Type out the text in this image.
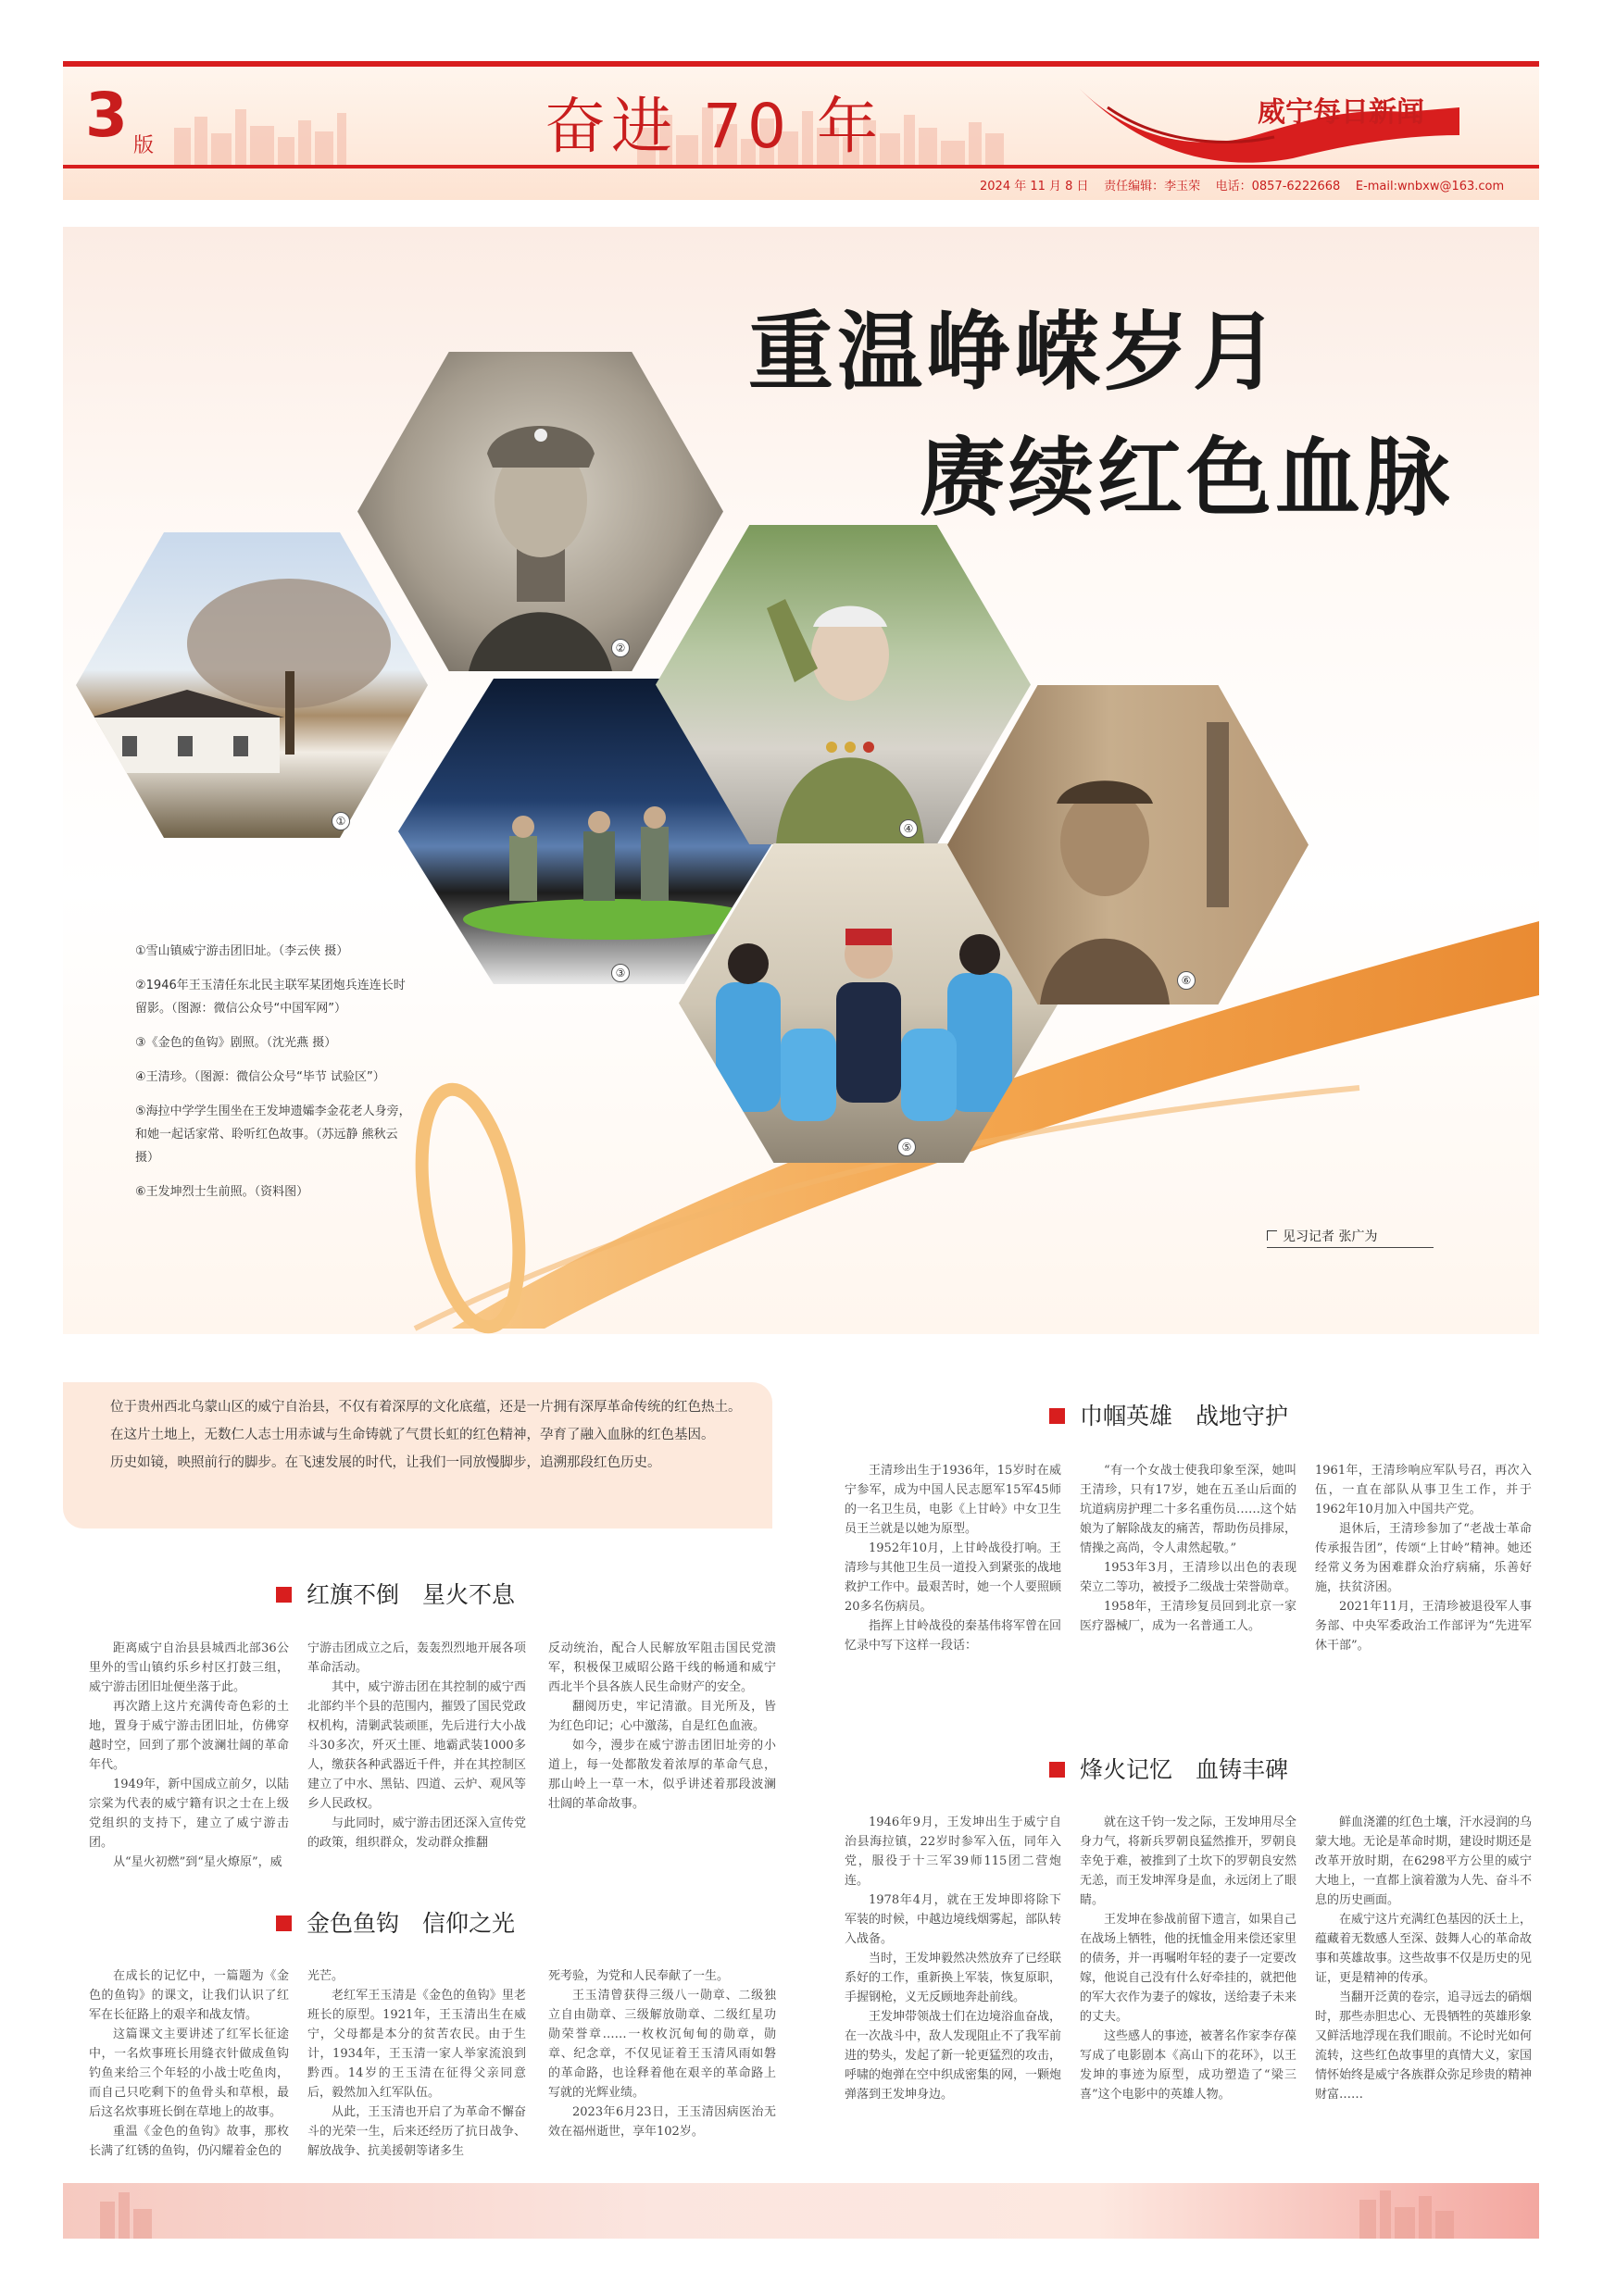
3 版	奋进 70 年	威宁每日新闻
2024 年 11 月 8 日 责任编辑：李玉荣 电话：0857-6222668 E-mail:wnbxw@163.com
重温峥嵘岁月
赓续红色血脉
①
②
③
④
⑤
⑥

①雪山镇威宁游击团旧址。（李云侠 摄）

②1946年王玉清任东北民主联军某团炮兵连连长时留影。（图源：微信公众号“中国军网”）

③《金色的鱼钩》剧照。（沈光燕 摄）

④王清珍。（图源：微信公众号“毕节 试验区”）

⑤海拉中学学生围坐在王发坤遗孀李金花老人身旁，和她一起话家常、聆听红色故事。（苏远静 熊秋云 摄）

⑥王发坤烈士生前照。（资料图）

见习记者 张广为

位于贵州西北乌蒙山区的威宁自治县，不仅有着深厚的文化底蕴，还是一片拥有深厚革命传统的红色热土。

在这片土地上，无数仁人志士用赤诚与生命铸就了气贯长虹的红色精神，孕育了融入血脉的红色基因。

历史如镜，映照前行的脚步。在飞速发展的时代，让我们一同放慢脚步，追溯那段红色历史。

红旗不倒　星火不息

距离威宁自治县县城西北部36公里外的雪山镇约乐乡村区打鼓三组，威宁游击团旧址便坐落于此。

再次踏上这片充满传奇色彩的土地，置身于威宁游击团旧址，仿佛穿越时空，回到了那个波澜壮阔的革命年代。

1949年，新中国成立前夕，以陆宗棠为代表的威宁籍有识之士在上级党组织的支持下，建立了威宁游击团。

从“星火初燃”到“星火燎原”，威

宁游击团成立之后，轰轰烈烈地开展各项革命活动。

其中，威宁游击团在其控制的威宁西北部约半个县的范围内，摧毁了国民党政权机构，清剿武装顽匪，先后进行大小战斗30多次，歼灭土匪、地霸武装1000多人，缴获各种武器近千件，并在其控制区建立了中水、黑钻、四道、云炉、观风等乡人民政权。

与此同时，威宁游击团还深入宣传党的政策，组织群众，发动群众推翻

反动统治，配合人民解放军阻击国民党溃军，积极保卫威昭公路干线的畅通和威宁西北半个县各族人民生命财产的安全。

翻阅历史，牢记清澈。目光所及，皆为红色印记；心中激荡，自是红色血液。

如今，漫步在威宁游击团旧址旁的小道上，每一处都散发着浓厚的革命气息，那山岭上一草一木，似乎讲述着那段波澜壮阔的革命故事。

金色鱼钩　信仰之光

在成长的记忆中，一篇题为《金色的鱼钩》的课文，让我们认识了红军在长征路上的艰辛和战友情。

这篇课文主要讲述了红军长征途中，一名炊事班长用缝衣针做成鱼钩钓鱼来给三个年轻的小战士吃鱼肉，而自己只吃剩下的鱼骨头和草根，最后这名炊事班长倒在草地上的故事。

重温《金色的鱼钩》故事，那枚长满了红锈的鱼钩，仍闪耀着金色的

光芒。

老红军王玉清是《金色的鱼钩》里老班长的原型。1921年，王玉清出生在威宁，父母都是本分的贫苦农民。由于生计，1934年，王玉清一家人举家流浪到黔西。14岁的王玉清在征得父亲同意后，毅然加入红军队伍。

从此，王玉清也开启了为革命不懈奋斗的光荣一生，后来还经历了抗日战争、解放战争、抗美援朝等诸多生

死考验，为党和人民奉献了一生。

王玉清曾获得三级八一勋章、二级独立自由勋章、三级解放勋章、二级红星功勋荣誉章……一枚枚沉甸甸的勋章，勋章、纪念章，不仅见证着王玉清风雨如磐的革命路，也诠释着他在艰辛的革命路上写就的光辉业绩。

2023年6月23日，王玉清因病医治无效在福州逝世，享年102岁。

巾帼英雄　战地守护

王清珍出生于1936年，15岁时在威宁参军，成为中国人民志愿军15军45师的一名卫生员，电影《上甘岭》中女卫生员王兰就是以她为原型。

1952年10月，上甘岭战役打响。王清珍与其他卫生员一道投入到紧张的战地救护工作中。最艰苦时，她一个人要照顾20多名伤病员。

指挥上甘岭战役的秦基伟将军曾在回忆录中写下这样一段话：

“有一个女战士使我印象至深，她叫王清珍，只有17岁，她在五圣山后面的坑道病房护理二十多名重伤员……这个姑娘为了解除战友的痛苦，帮助伤员排尿，情操之高尚，令人肃然起敬。”

1953年3月，王清珍以出色的表现荣立二等功，被授予二级战士荣誉勋章。

1958年，王清珍复员回到北京一家医疗器械厂，成为一名普通工人。

1961年，王清珍响应军队号召，再次入伍，一直在部队从事卫生工作，并于1962年10月加入中国共产党。

退休后，王清珍参加了“老战士革命传承报告团”，传颂“上甘岭”精神。她还经常义务为困难群众治疗病痛，乐善好施，扶贫济困。

2021年11月，王清珍被退役军人事务部、中央军委政治工作部评为“先进军休干部”。

烽火记忆　血铸丰碑

1946年9月，王发坤出生于威宁自治县海拉镇，22岁时参军入伍，同年入党，服役于十三军39师115团二营炮连。

1978年4月，就在王发坤即将除下军装的时候，中越边境线烟雾起，部队转入战备。

当时，王发坤毅然决然放弃了已经联系好的工作，重新换上军装，恢复原职，手握钢枪，义无反顾地奔赴前线。

王发坤带领战士们在边境浴血奋战，在一次战斗中，敌人发现阻止不了我军前进的势头，发起了新一轮更猛烈的攻击，呼啸的炮弹在空中织成密集的网，一颗炮弹落到王发坤身边。

就在这千钧一发之际，王发坤用尽全身力气，将新兵罗朝良猛然推开，罗朝良幸免于难，被推到了土坎下的罗朝良安然无恙，而王发坤浑身是血，永远闭上了眼睛。

王发坤在参战前留下遗言，如果自己在战场上牺牲，他的抚恤金用来偿还家里的债务，并一再嘱咐年轻的妻子一定要改嫁，他说自己没有什么好牵挂的，就把他的军大衣作为妻子的嫁妆，送给妻子未来的丈夫。

这些感人的事迹，被著名作家李存葆写成了电影剧本《高山下的花环》，以王发坤的事迹为原型，成功塑造了“梁三喜”这个电影中的英雄人物。

鲜血浇灌的红色土壤，汗水浸润的乌蒙大地。无论是革命时期，建设时期还是改革开放时期，在6298平方公里的威宁大地上，一直都上演着激为人先、奋斗不息的历史画面。

在威宁这片充满红色基因的沃土上，蕴藏着无数感人至深、鼓舞人心的革命故事和英雄故事。这些故事不仅是历史的见证，更是精神的传承。

当翻开泛黄的卷宗，追寻远去的硝烟时，那些赤胆忠心、无畏牺牲的英雄形象又鲜活地浮现在我们眼前。不论时光如何流转，这些红色故事里的真情大义，家国情怀始终是威宁各族群众弥足珍贵的精神财富……
